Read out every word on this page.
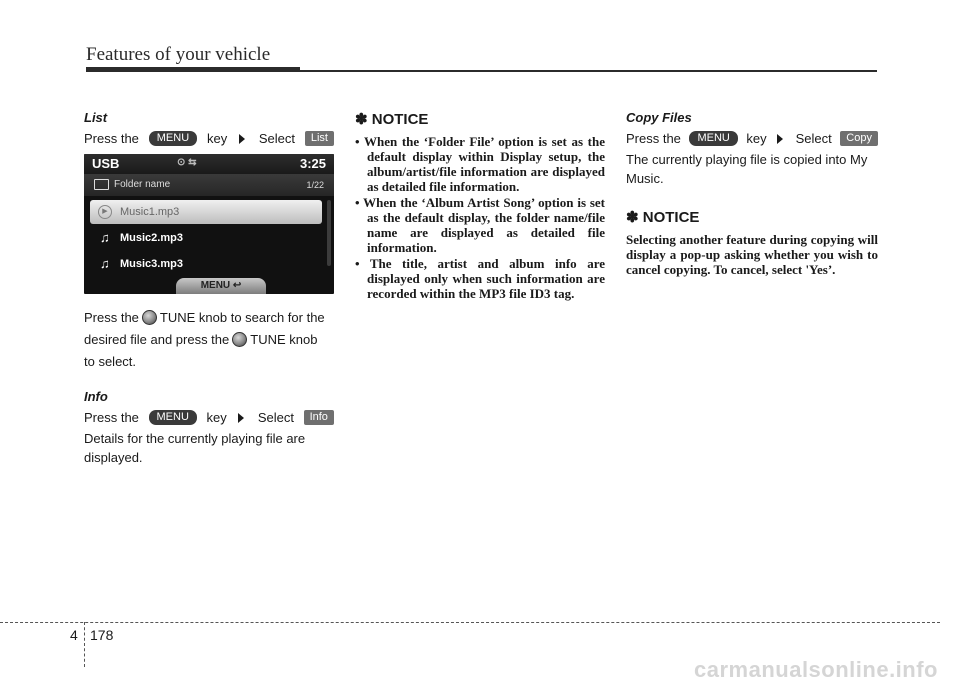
Features of your vehicle
List
Press the	MENU	key Select	List
USB	⊙ ⇆	3:25
Folder name	1/22
▶	Music1.mp3
♫ Music2.mp3
♫ Music3.mp3
MENU ↩
Press the TUNE knob to search for the
desired file and press the TUNE knob
to select.
Info
Press the	MENU	key Select	Info

Details for the currently playing file are displayed.

✽ NOTICE
• When the ‘Folder File’ option is set as the default display within Display setup, the album/artist/file information are displayed as detailed file information.
• When the ‘Album Artist Song’ option is set as the default display, the folder name/file name are displayed as detailed file information.
• The title, artist and album info are displayed only when such information are recorded within the MP3 file ID3 tag.
Copy Files
Press the	MENU	key Select	Copy

The currently playing file is copied into My Music.

✽ NOTICE

Selecting another feature during copying will display a pop-up asking whether you wish to cancel copying. To cancel, select 'Yes’.

4 178
carmanualsonline.info
